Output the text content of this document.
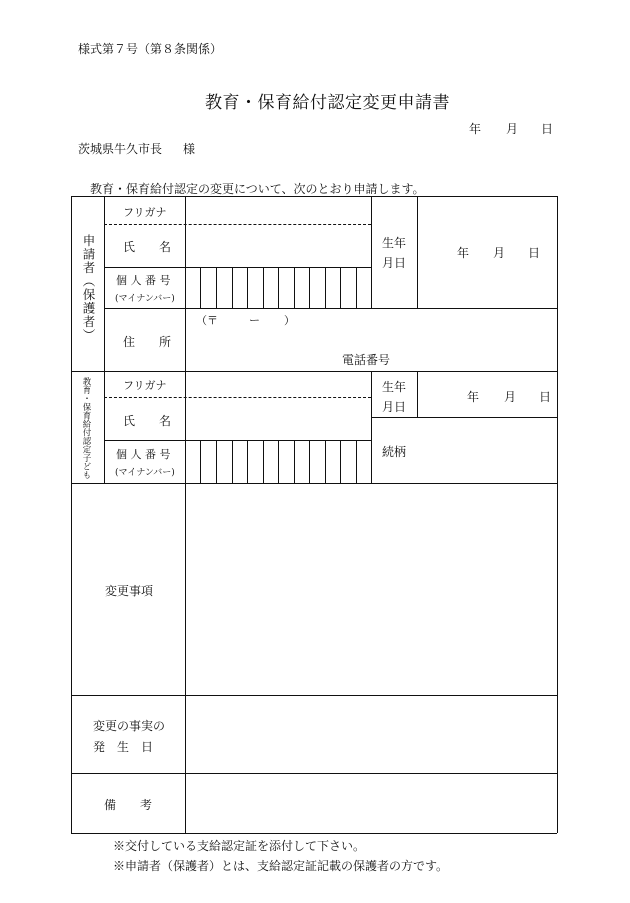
様式第７号（第８条関係）
教育・保育給付認定変更申請書
年 月 日
茨城県牛久市長 様
教育・保育給付認定の変更について、次のとおり申請します。
申請者（保護者）
フリガナ
氏　　名
個 人 番 号
(マイナンバー)
生年
月日
年 月 日
住　　所
（〒	ー ）
電話番号
教育・保育給付認定子ども	フリガナ
氏　　名
個 人 番 号
(マイナンバー)
生年
月日
年 月 日
続柄
変更事項
変更の事実の
発　生　日
備　　考
※交付している支給認定証を添付して下さい。
※申請者（保護者）とは、支給認定証記載の保護者の方です。
